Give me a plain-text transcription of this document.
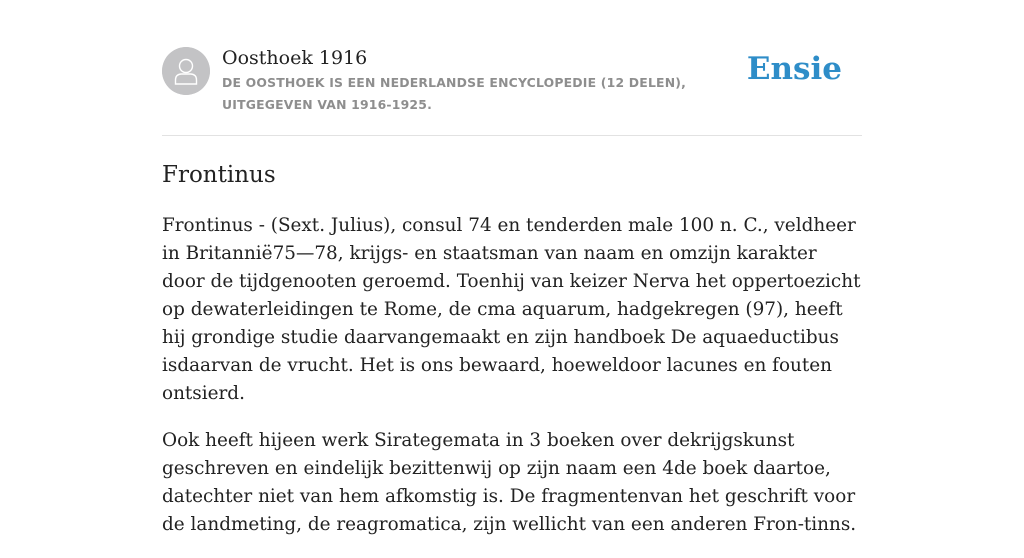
Oosthoek 1916
DE OOSTHOEK IS EEN NEDERLANDSE ENCYCLOPEDIE (12 DELEN), UITGEGEVEN VAN 1916-1925.
Ensie
Frontinus

Frontinus - (Sext. Julius), consul 74 en tenderden male 100 n. C., veldheer in Britannië75—78, krijgs- en staatsman van naam en omzijn karakter door de tijdgenooten geroemd. Toenhij van keizer Nerva het oppertoezicht op dewaterleidingen te Rome, de cma aquarum, hadgekregen (97), heeft hij grondige studie daarvangemaakt en zijn handboek De aquaeductibus isdaarvan de vrucht. Het is ons bewaard, hoeweldoor lacunes en fouten ontsierd.

Ook heeft hijeen werk Sirategemata in 3 boeken over dekrijgskunst geschreven en eindelijk bezittenwij op zijn naam een 4de boek daartoe, datechter niet van hem afkomstig is. De fragmentenvan het geschrift voor de landmeting, de reagromatica, zijn wellicht van een anderen Fron-tinns.
